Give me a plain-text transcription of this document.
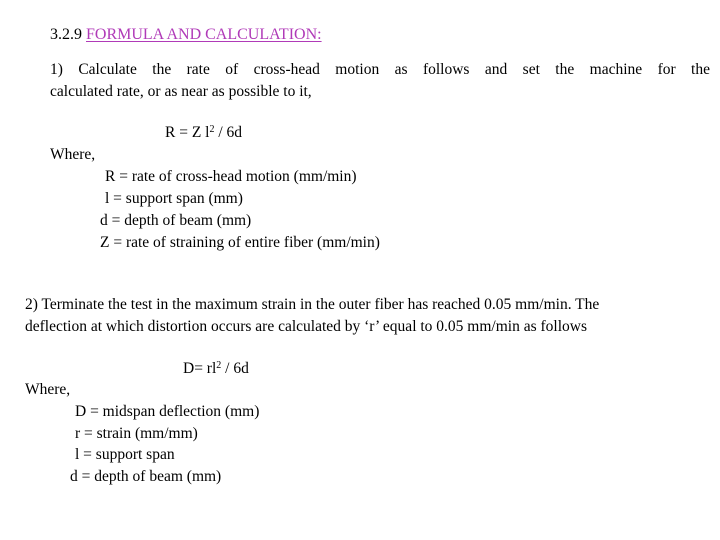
3.2.9 FORMULA AND CALCULATION:
1) Calculate the rate of cross-head motion as follows and set the machine for the
calculated rate, or as near as possible to it,
R = Z $l^2 / 6d$
Where,
R = rate of cross-head motion (mm/min)
l = support span (mm)
d = depth of beam (mm)
Z = rate of straining of entire fiber (mm/min)
2) Terminate the test in the maximum strain in the outer fiber has reached 0.05 mm/min. The
deflection at which distortion occurs are calculated by ‘r’ equal to 0.05 mm/min as follows
$D= rl^2 / 6d$
Where,
D = midspan deflection (mm)
r = strain (mm/mm)
l = support span
d = depth of beam (mm)
